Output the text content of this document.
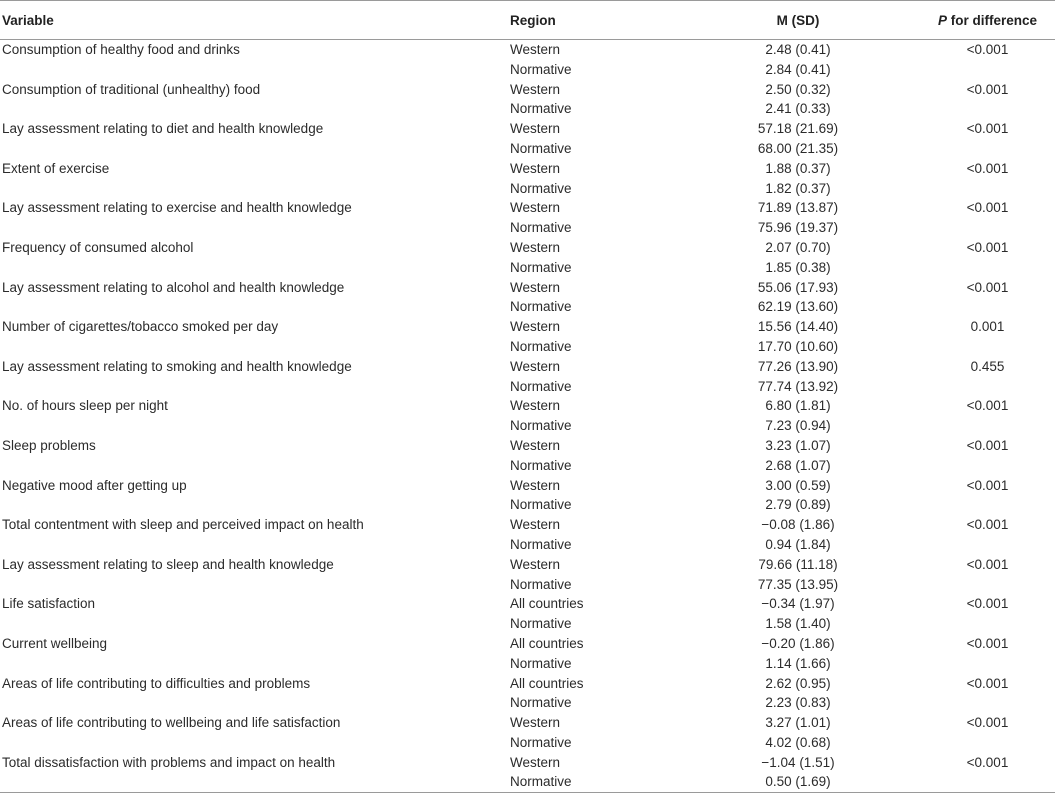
Variable	Region	M (SD)	P for difference
Consumption of healthy food and drinks	Western	2.48 (0.41)	<0.001
	Normative	2.84 (0.41)	
Consumption of traditional (unhealthy) food	Western	2.50 (0.32)	<0.001
	Normative	2.41 (0.33)	
Lay assessment relating to diet and health knowledge	Western	57.18 (21.69)	<0.001
	Normative	68.00 (21.35)	
Extent of exercise	Western	1.88 (0.37)	<0.001
	Normative	1.82 (0.37)	
Lay assessment relating to exercise and health knowledge	Western	71.89 (13.87)	<0.001
	Normative	75.96 (19.37)	
Frequency of consumed alcohol	Western	2.07 (0.70)	<0.001
	Normative	1.85 (0.38)	
Lay assessment relating to alcohol and health knowledge	Western	55.06 (17.93)	<0.001
	Normative	62.19 (13.60)	
Number of cigarettes/tobacco smoked per day	Western	15.56 (14.40)	0.001
	Normative	17.70 (10.60)	
Lay assessment relating to smoking and health knowledge	Western	77.26 (13.90)	0.455
	Normative	77.74 (13.92)	
No. of hours sleep per night	Western	6.80 (1.81)	<0.001
	Normative	7.23 (0.94)	
Sleep problems	Western	3.23 (1.07)	<0.001
	Normative	2.68 (1.07)	
Negative mood after getting up	Western	3.00 (0.59)	<0.001
	Normative	2.79 (0.89)	
Total contentment with sleep and perceived impact on health	Western	−0.08 (1.86)	<0.001
	Normative	0.94 (1.84)	
Lay assessment relating to sleep and health knowledge	Western	79.66 (11.18)	<0.001
	Normative	77.35 (13.95)	
Life satisfaction	All countries	−0.34 (1.97)	<0.001
	Normative	1.58 (1.40)	
Current wellbeing	All countries	−0.20 (1.86)	<0.001
	Normative	1.14 (1.66)	
Areas of life contributing to difficulties and problems	All countries	2.62 (0.95)	<0.001
	Normative	2.23 (0.83)	
Areas of life contributing to wellbeing and life satisfaction	Western	3.27 (1.01)	<0.001
	Normative	4.02 (0.68)	
Total dissatisfaction with problems and impact on health	Western	−1.04 (1.51)	<0.001
	Normative	0.50 (1.69)	
